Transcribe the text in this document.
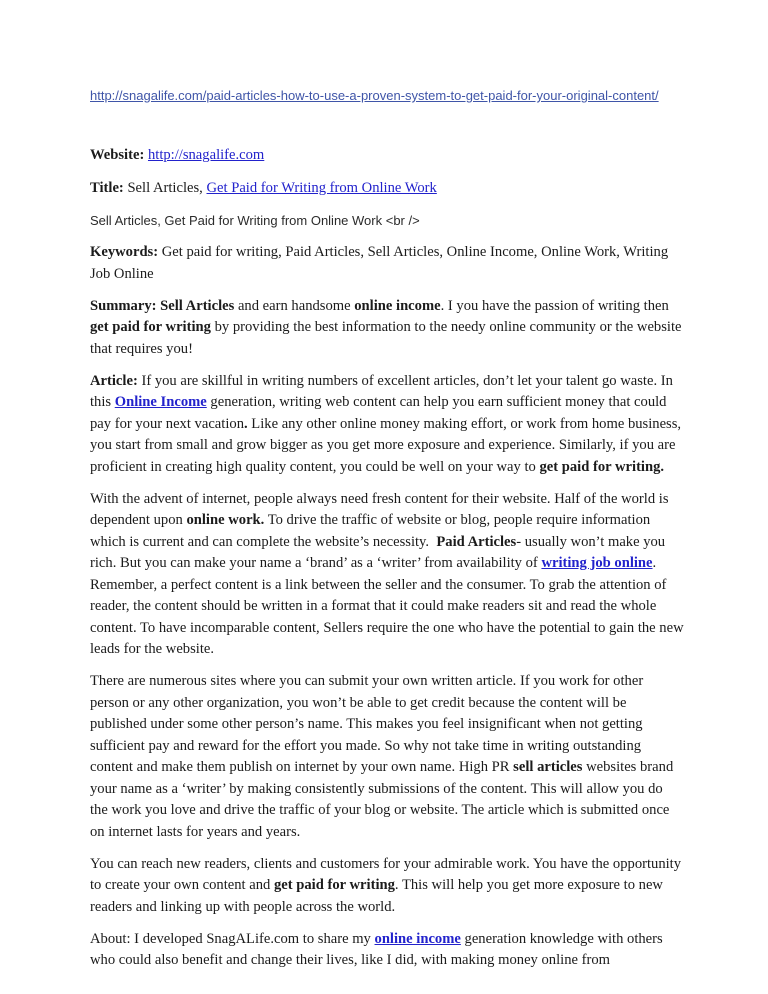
http://snagalife.com/paid-articles-how-to-use-a-proven-system-to-get-paid-for-your-original-content/

Website: http://snagalife.com

Title: Sell Articles, Get Paid for Writing from Online Work

Sell Articles, Get Paid for Writing from Online Work <br />

Keywords: Get paid for writing, Paid Articles, Sell Articles, Online Income, Online Work, Writing Job Online

Summary: Sell Articles and earn handsome online income. I you have the passion of writing then get paid for writing by providing the best information to the needy online community or the website that requires you!

Article: If you are skillful in writing numbers of excellent articles, don’t let your talent go waste. In this Online Income generation, writing web content can help you earn sufficient money that could pay for your next vacation. Like any other online money making effort, or work from home business, you start from small and grow bigger as you get more exposure and experience. Similarly, if you are proficient in creating high quality content, you could be well on your way to get paid for writing.

With the advent of internet, people always need fresh content for their website. Half of the world is dependent upon online work. To drive the traffic of website or blog, people require information which is current and can complete the website’s necessity.  Paid Articles- usually won’t make you rich. But you can make your name a ‘brand’ as a ‘writer’ from availability of writing job online. Remember, a perfect content is a link between the seller and the consumer. To grab the attention of reader, the content should be written in a format that it could make readers sit and read the whole content. To have incomparable content, Sellers require the one who have the potential to gain the new leads for the website.

There are numerous sites where you can submit your own written article. If you work for other person or any other organization, you won’t be able to get credit because the content will be published under some other person’s name. This makes you feel insignificant when not getting sufficient pay and reward for the effort you made. So why not take time in writing outstanding content and make them publish on internet by your own name. High PR sell articles websites brand your name as a ‘writer’ by making consistently submissions of the content. This will allow you do the work you love and drive the traffic of your blog or website. The article which is submitted once on internet lasts for years and years.

You can reach new readers, clients and customers for your admirable work. You have the opportunity to create your own content and get paid for writing. This will help you get more exposure to new readers and linking up with people across the world.

About: I developed SnagALife.com to share my online income generation knowledge with others who could also benefit and change their lives, like I did, with making money online from
